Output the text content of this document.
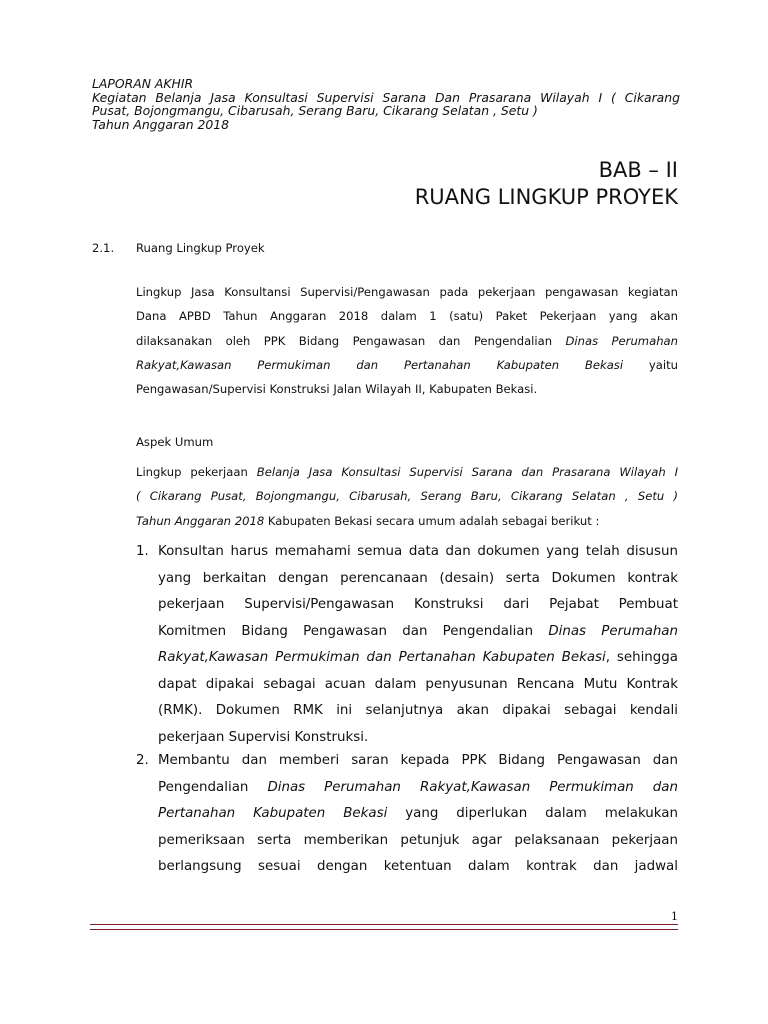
LAPORAN AKHIR
Kegiatan Belanja Jasa Konsultasi Supervisi Sarana Dan Prasarana Wilayah I ( Cikarang
Pusat, Bojongmangu, Cibarusah, Serang Baru, Cikarang Selatan , Setu )
Tahun Anggaran 2018
BAB – II
RUANG LINGKUP PROYEK
2.1. Ruang Lingkup Proyek
Lingkup Jasa Konsultansi Supervisi/Pengawasan pada pekerjaan pengawasan kegiatan
Dana APBD Tahun Anggaran 2018 dalam 1 (satu) Paket Pekerjaan yang akan
dilaksanakan oleh PPK Bidang Pengawasan dan Pengendalian Dinas Perumahan
Rakyat,Kawasan Permukiman dan Pertanahan Kabupaten Bekasi yaitu
Pengawasan/Supervisi Konstruksi Jalan Wilayah II, Kabupaten Bekasi.
Aspek Umum
Lingkup pekerjaan Belanja Jasa Konsultasi Supervisi Sarana dan Prasarana Wilayah I
( Cikarang Pusat, Bojongmangu, Cibarusah, Serang Baru, Cikarang Selatan , Setu )
Tahun Anggaran 2018 Kabupaten Bekasi secara umum adalah sebagai berikut :
1. Konsultan harus memahami semua data dan dokumen yang telah disusun
yang berkaitan dengan perencanaan (desain) serta Dokumen kontrak
pekerjaan Supervisi/Pengawasan Konstruksi dari Pejabat Pembuat
Komitmen Bidang Pengawasan dan Pengendalian Dinas Perumahan
Rakyat,Kawasan Permukiman dan Pertanahan Kabupaten Bekasi, sehingga
dapat dipakai sebagai acuan dalam penyusunan Rencana Mutu Kontrak
(RMK). Dokumen RMK ini selanjutnya akan dipakai sebagai kendali
pekerjaan Supervisi Konstruksi.
2. Membantu dan memberi saran kepada PPK Bidang Pengawasan dan
Pengendalian Dinas Perumahan Rakyat,Kawasan Permukiman dan
Pertanahan Kabupaten Bekasi yang diperlukan dalam melakukan
pemeriksaan serta memberikan petunjuk agar pelaksanaan pekerjaan
berlangsung sesuai dengan ketentuan dalam kontrak dan jadwal
1
